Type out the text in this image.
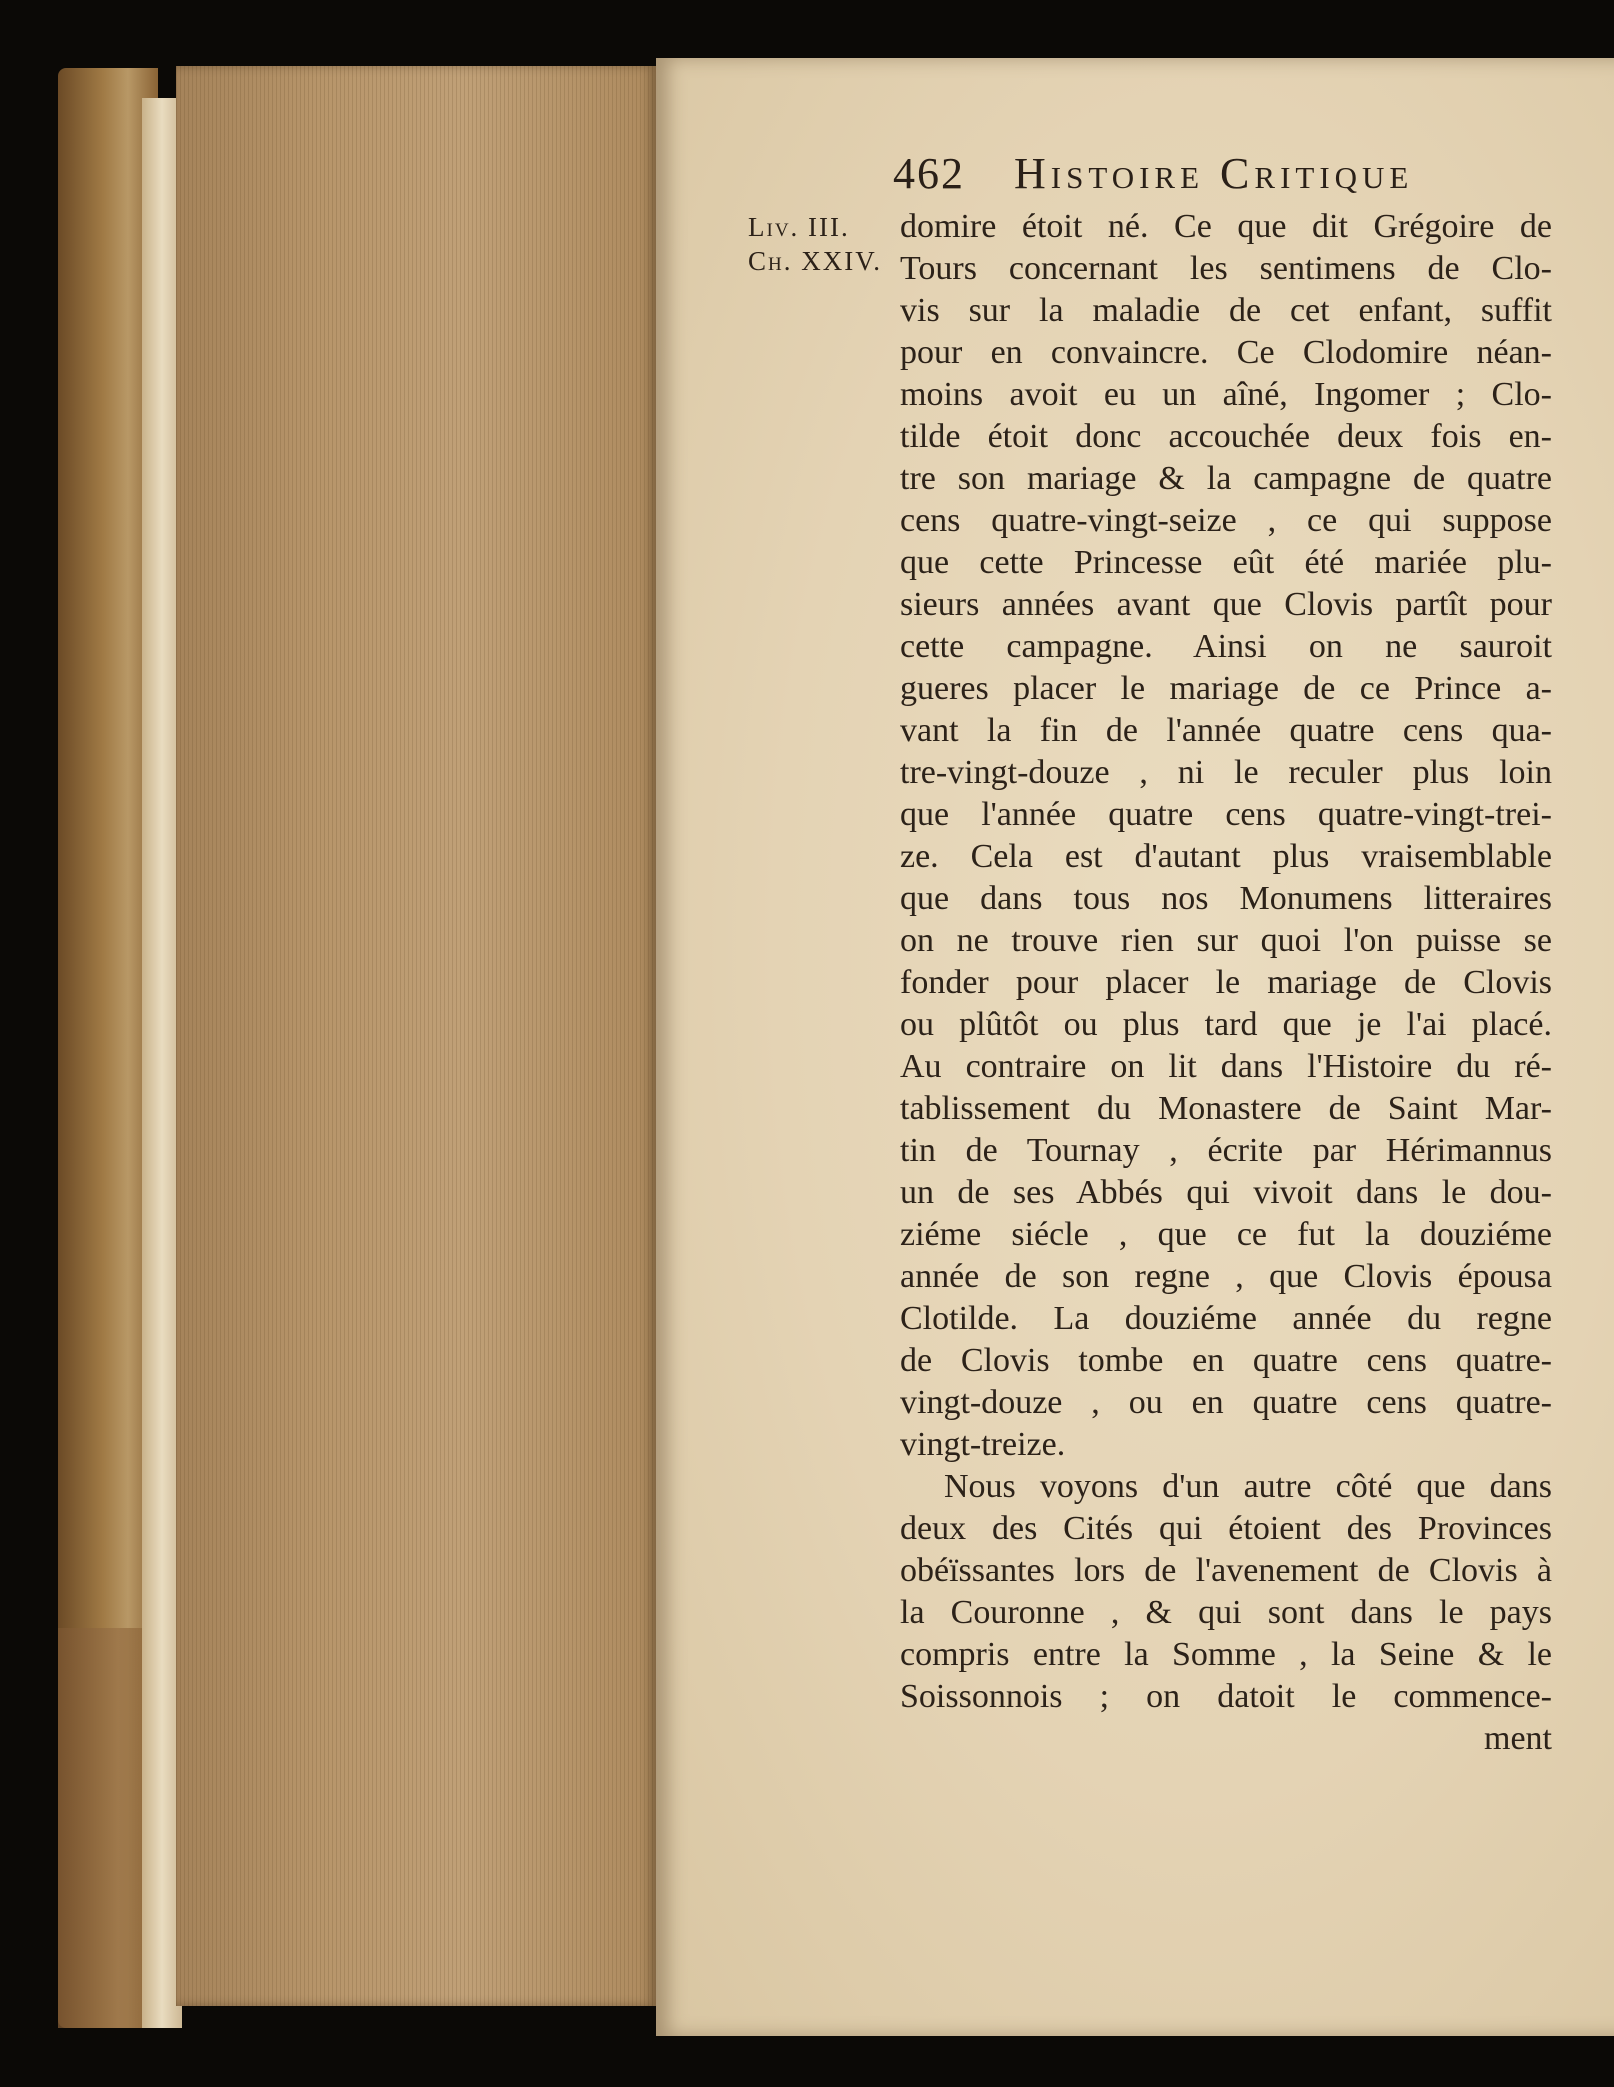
462 Histoire Critique
Liv. III.
Ch. XXIV.
domire étoit né. Ce que dit Grégoire de
Tours concernant les sentimens de Clo-
vis sur la maladie de cet enfant, suffit
pour en convaincre. Ce Clodomire néan-
moins avoit eu un aîné, Ingomer ; Clo-
tilde étoit donc accouchée deux fois en-
tre son mariage & la campagne de quatre
cens quatre-vingt-seize , ce qui suppose
que cette Princesse eût été mariée plu-
sieurs années avant que Clovis partît pour
cette campagne. Ainsi on ne sauroit
gueres placer le mariage de ce Prince a-
vant la fin de l'année quatre cens qua-
tre-vingt-douze , ni le reculer plus loin
que l'année quatre cens quatre-vingt-trei-
ze. Cela est d'autant plus vraisemblable
que dans tous nos Monumens litteraires
on ne trouve rien sur quoi l'on puisse se
fonder pour placer le mariage de Clovis
ou plûtôt ou plus tard que je l'ai placé.
Au contraire on lit dans l'Histoire du ré-
tablissement du Monastere de Saint Mar-
tin de Tournay , écrite par Hérimannus
un de ses Abbés qui vivoit dans le dou-
ziéme siécle , que ce fut la douziéme
année de son regne , que Clovis épousa
Clotilde. La douziéme année du regne
de Clovis tombe en quatre cens quatre-
vingt-douze , ou en quatre cens quatre-
vingt-treize.
Nous voyons d'un autre côté que dans
deux des Cités qui étoient des Provinces
obéïssantes lors de l'avenement de Clovis à
la Couronne , & qui sont dans le pays
compris entre la Somme , la Seine & le
Soissonnois ; on datoit le commence-
ment
